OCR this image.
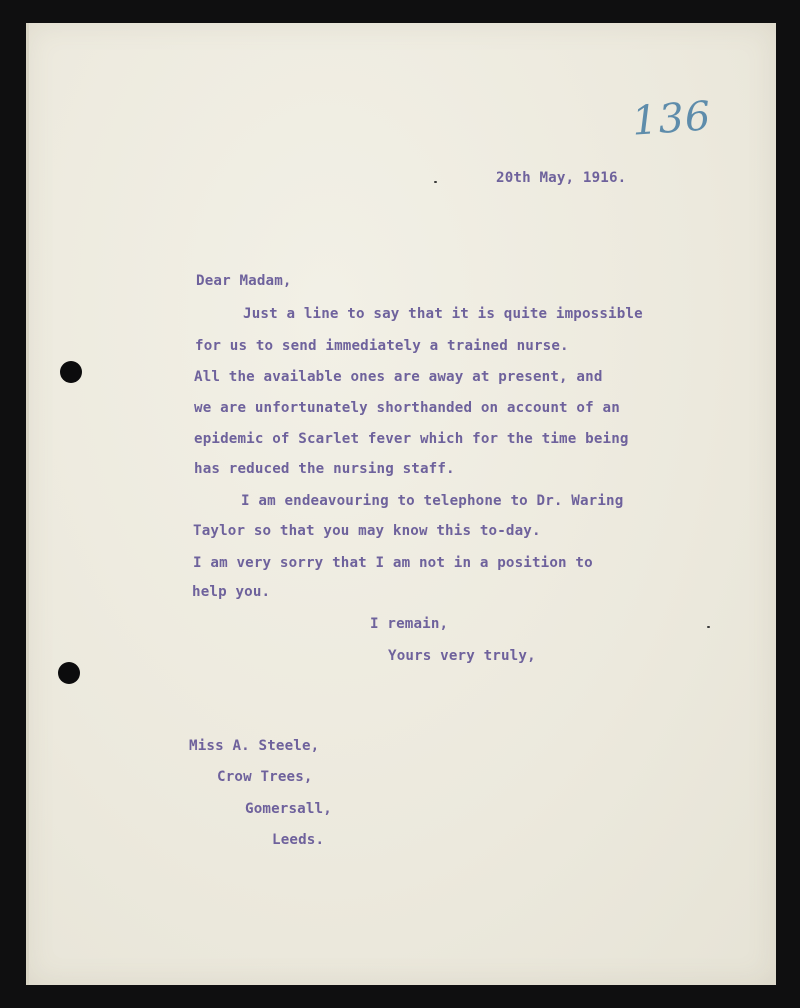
136
20th May, 1916.
Dear Madam,
Just a line to say that it is quite impossible
for us to send immediately a trained nurse.
All the available ones are away at present, and
we are unfortunately shorthanded on account of an
epidemic of Scarlet fever which for the time being
has reduced the nursing staff.
I am endeavouring to telephone to Dr. Waring
Taylor so that you may know this to-day.
I am very sorry that I am not in a position to
help you.
I remain,
Yours very truly,
Miss A. Steele,
Crow Trees,
Gomersall,
Leeds.
